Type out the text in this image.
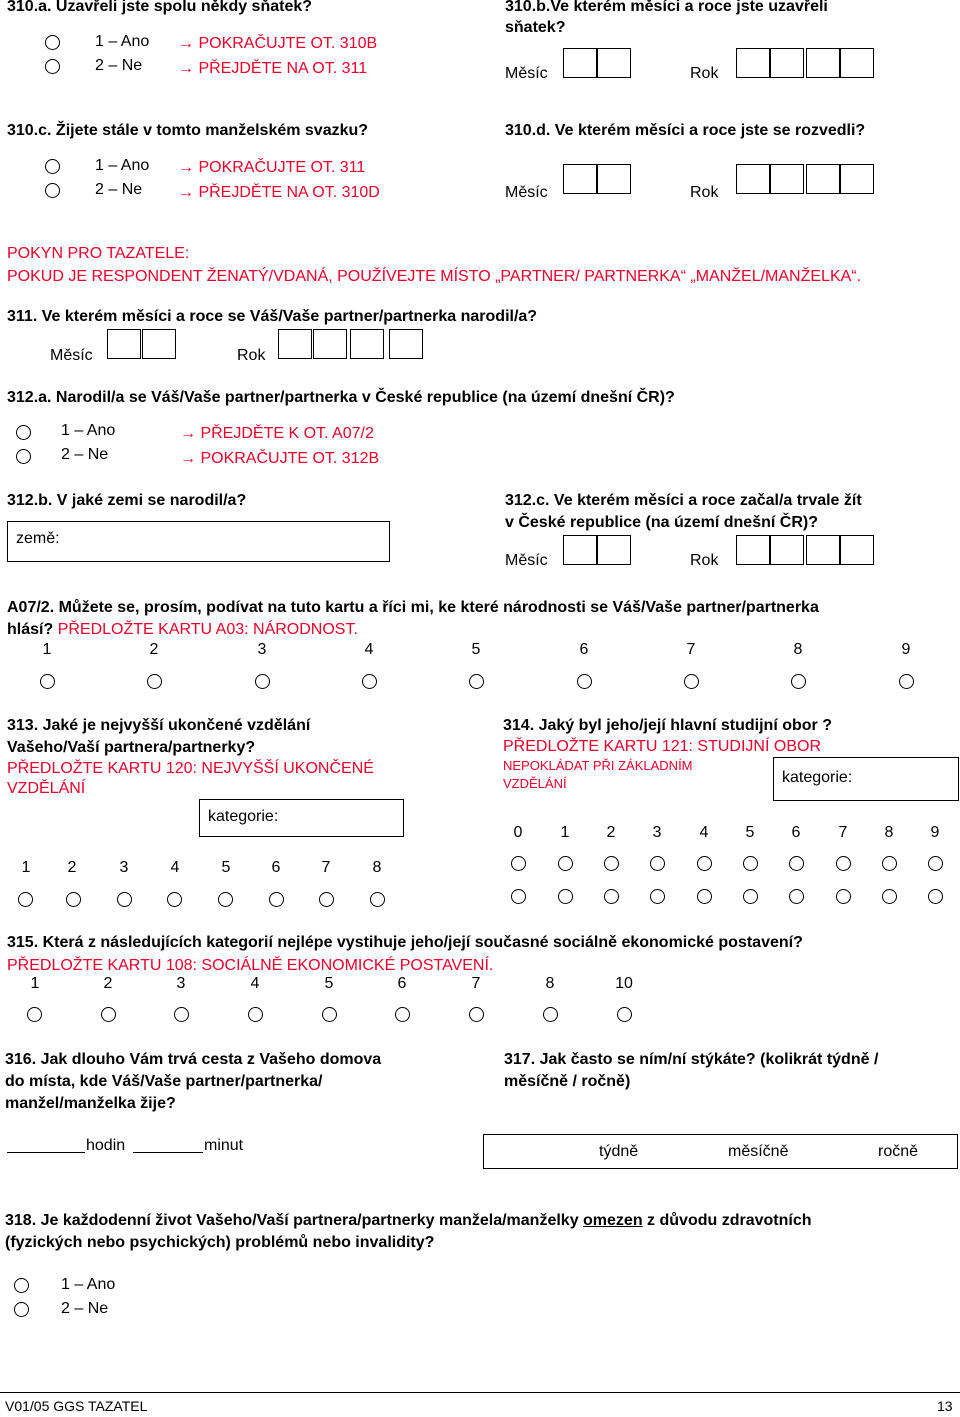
310.a. Uzavřeli jste spolu někdy sňatek?
1 – Ano → POKRAČUJTE OT. 310B
2 – Ne → PŘEJDĚTE NA OT. 311
310.b.Ve kterém měsíci a roce jste uzavřeli
sňatek?
Měsíc	Rok
310.c. Žijete stále v tomto manželském svazku?
1 – Ano → POKRAČUJTE OT. 311
2 – Ne → PŘEJDĚTE NA OT. 310D
310.d. Ve kterém měsíci a roce jste se rozvedli?
Měsíc	Rok
POKYN PRO TAZATELE:
POKUD JE RESPONDENT ŽENATÝ/VDANÁ, POUŽÍVEJTE MÍSTO „PARTNER/ PARTNERKA“ „MANŽEL/MANŽELKA“.
311. Ve kterém měsíci a roce se Váš/Vaše partner/partnerka narodil/a?
Měsíc	Rok
312.a. Narodil/a se Váš/Vaše partner/partnerka v České republice (na území dnešní ČR)?
1 – Ano	→ PŘEJDĚTE K OT. A07/2
2 – Ne	→ POKRAČUJTE OT. 312B
312.b. V jaké zemi se narodil/a?
země:
312.c. Ve kterém měsíci a roce začal/a trvale žít
v České republice (na území dnešní ČR)?
Měsíc	Rok
A07/2. Můžete se, prosím, podívat na tuto kartu a říci mi, ke které národnosti se Váš/Vaše partner/partnerka
hlásí? PŘEDLOŽTE KARTU A03: NÁRODNOST.
1	2	3	4	5	6	7	8	9
313. Jaké je nejvyšší ukončené vzdělání
Vašeho/Vaší partnera/partnerky?
PŘEDLOŽTE KARTU 120: NEJVYŠŠÍ UKONČENÉ
VZDĚLÁNÍ
kategorie:
1	2	3	4	5	6	7	8
314. Jaký byl jeho/její hlavní studijní obor ?
PŘEDLOŽTE KARTU 121: STUDIJNÍ OBOR
NEPOKLÁDAT PŘI ZÁKLADNÍM
VZDĚLÁNÍ	kategorie:
0	1	2	3	4	5	6	7	8	9
315. Která z následujících kategorií nejlépe vystihuje jeho/její současné sociálně ekonomické postavení?
PŘEDLOŽTE KARTU 108: SOCIÁLNĚ EKONOMICKÉ POSTAVENÍ.
1	2	3	4	5	6	7	8	10
316. Jak dlouho Vám trvá cesta z Vašeho domova
do místa, kde Váš/Vaše partner/partnerka/
manžel/manželka žije?
hodin	minut
317. Jak často se ním/ní stýkáte? (kolikrát týdně /
měsíčně / ročně)
týdně	měsíčně	ročně
318. Je každodenní život Vašeho/Vaší partnera/partnerky manžela/manželky omezen z důvodu zdravotních
(fyzických nebo psychických) problémů nebo invalidity?
1 – Ano
2 – Ne
V01/05 GGS TAZATEL	13
